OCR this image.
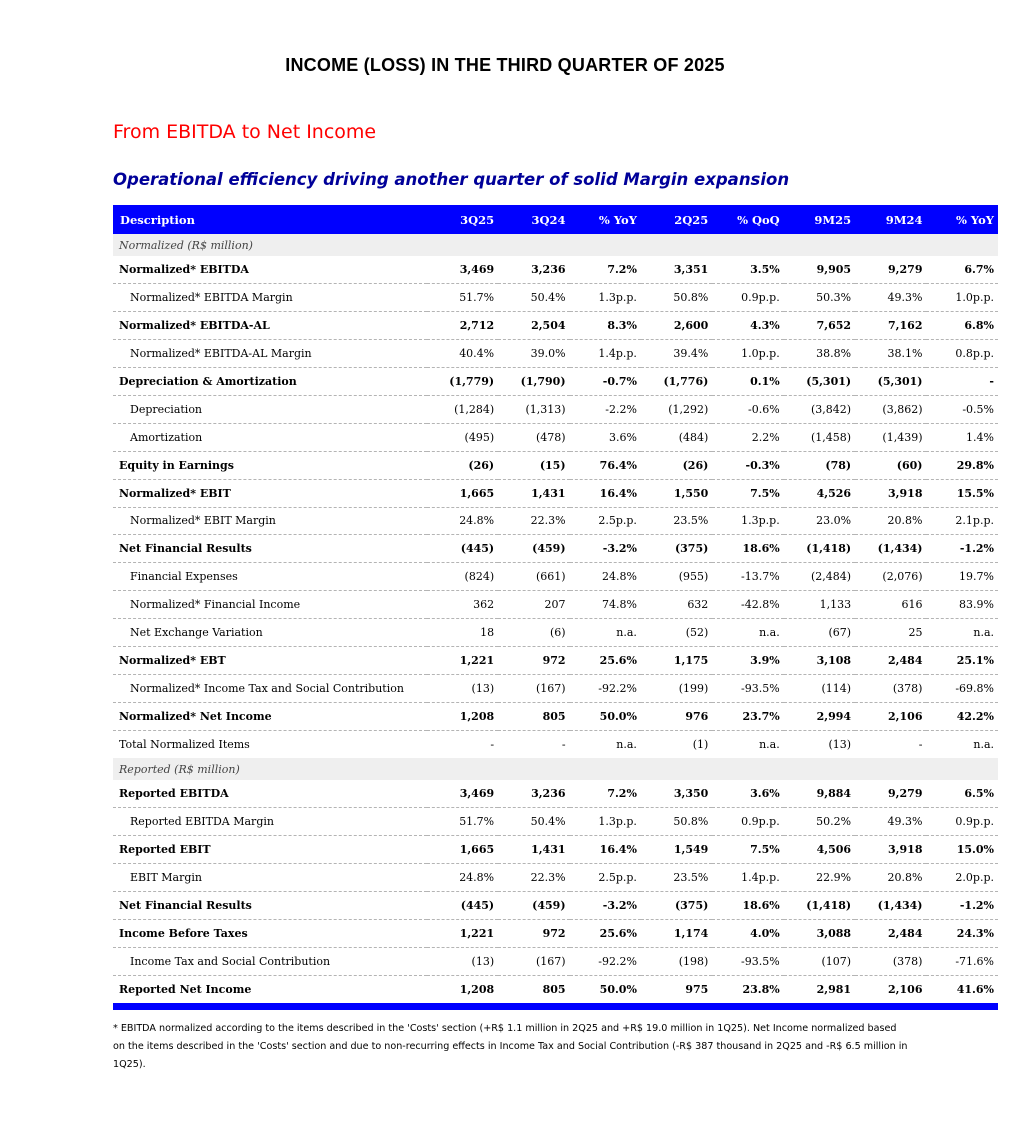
INCOME (LOSS) IN THE THIRD QUARTER OF 2025
From EBITDA to Net Income
Operational efficiency driving another quarter of solid Margin expansion
Description	3Q25	3Q24	% YoY	2Q25	% QoQ	9M25	9M24	% YoY
Normalized (R$ million)								
Normalized* EBITDA	3,469	3,236	7.2%	3,351	3.5%	9,905	9,279	6.7%
Normalized* EBITDA Margin	51.7%	50.4%	1.3p.p.	50.8%	0.9p.p.	50.3%	49.3%	1.0p.p.
Normalized* EBITDA-AL	2,712	2,504	8.3%	2,600	4.3%	7,652	7,162	6.8%
Normalized* EBITDA-AL Margin	40.4%	39.0%	1.4p.p.	39.4%	1.0p.p.	38.8%	38.1%	0.8p.p.
Depreciation & Amortization	(1,779)	(1,790)	-0.7%	(1,776)	0.1%	(5,301)	(5,301)	-
Depreciation	(1,284)	(1,313)	-2.2%	(1,292)	-0.6%	(3,842)	(3,862)	-0.5%
Amortization	(495)	(478)	3.6%	(484)	2.2%	(1,458)	(1,439)	1.4%
Equity in Earnings	(26)	(15)	76.4%	(26)	-0.3%	(78)	(60)	29.8%
Normalized* EBIT	1,665	1,431	16.4%	1,550	7.5%	4,526	3,918	15.5%
Normalized* EBIT Margin	24.8%	22.3%	2.5p.p.	23.5%	1.3p.p.	23.0%	20.8%	2.1p.p.
Net Financial Results	(445)	(459)	-3.2%	(375)	18.6%	(1,418)	(1,434)	-1.2%
Financial Expenses	(824)	(661)	24.8%	(955)	-13.7%	(2,484)	(2,076)	19.7%
Normalized* Financial Income	362	207	74.8%	632	-42.8%	1,133	616	83.9%
Net Exchange Variation	18	(6)	n.a.	(52)	n.a.	(67)	25	n.a.
Normalized* EBT	1,221	972	25.6%	1,175	3.9%	3,108	2,484	25.1%
Normalized* Income Tax and Social Contribution	(13)	(167)	-92.2%	(199)	-93.5%	(114)	(378)	-69.8%
Normalized* Net Income	1,208	805	50.0%	976	23.7%	2,994	2,106	42.2%
Total Normalized Items	-	-	n.a.	(1)	n.a.	(13)	-	n.a.
Reported (R$ million)								
Reported EBITDA	3,469	3,236	7.2%	3,350	3.6%	9,884	9,279	6.5%
Reported EBITDA Margin	51.7%	50.4%	1.3p.p.	50.8%	0.9p.p.	50.2%	49.3%	0.9p.p.
Reported EBIT	1,665	1,431	16.4%	1,549	7.5%	4,506	3,918	15.0%
EBIT Margin	24.8%	22.3%	2.5p.p.	23.5%	1.4p.p.	22.9%	20.8%	2.0p.p.
Net Financial Results	(445)	(459)	-3.2%	(375)	18.6%	(1,418)	(1,434)	-1.2%
Income Before Taxes	1,221	972	25.6%	1,174	4.0%	3,088	2,484	24.3%
Income Tax and Social Contribution	(13)	(167)	-92.2%	(198)	-93.5%	(107)	(378)	-71.6%
Reported Net Income	1,208	805	50.0%	975	23.8%	2,981	2,106	41.6%
* EBITDA normalized according to the items described in the 'Costs' section (+R$ 1.1 million in 2Q25 and +R$ 19.0 million in 1Q25). Net Income normalized based on the items described in the 'Costs' section and due to non-recurring effects in Income Tax and Social Contribution (-R$ 387 thousand in 2Q25 and -R$ 6.5 million in 1Q25).
